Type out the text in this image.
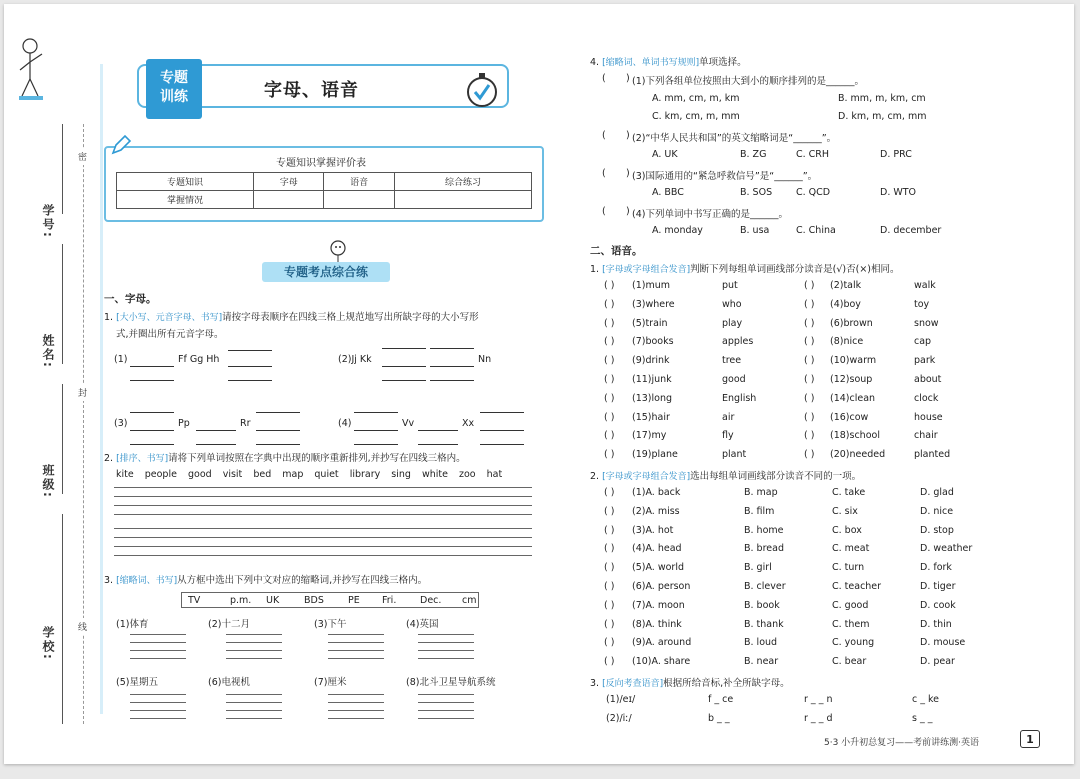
学号:
姓名:
班级:
学校:
密
封
线
专题
训练	字母、语音
专题知识掌握评价表
专题知识	字母	语音	综合练习
掌握情况			
专题考点综合练
一、字母。
1. [大小写、元音字母、书写]请按字母表顺序在四线三格上规范地写出所缺字母的大小写形
式,并圈出所有元音字母。
(1)	Ff Gg Hh	(2)Jj Kk	Nn
(3)	Pp	Rr	(4)	Vv	Xx
2. [排序、书写]请将下列单词按照在字典中出现的顺序重新排列,并抄写在四线三格内。
kite people good visit bed map quiet library sing white zoo hat
3. [缩略词、书写]从方框中选出下列中文对应的缩略词,并抄写在四线三格内。
TV	p.m. UK	BDS	PE Fri. Dec. cm
(1)体育	(2)十二月	(3)下午	(4)英国
(5)星期五	(6)电视机	(7)厘米	(8)北斗卫星导航系统
4. [缩略词、单词书写规则]单项选择。
( ) (1)下列各组单位按照由大到小的顺序排列的是______。
A. mm, cm, m, km	B. mm, m, km, cm
C. km, cm, m, mm	D. km, m, cm, mm
( ) (2)“中华人民共和国”的英文缩略词是“______”。
A. UK	B. ZG	C. CRH	D. PRC
( ) (3)国际通用的“紧急呼救信号”是“______”。
A. BBC	B. SOS	C. QCD	D. WTO
( ) (4)下列单词中书写正确的是______。
A. monday	B. usa	C. China	D. december
二、语音。
1. [字母或字母组合发音]判断下列每组单词画线部分读音是(√)否(×)相同。
( ) (1)mum	put	( ) (2)talk	walk
( ) (3)where	who	( ) (4)boy	toy
( ) (5)train	play	( ) (6)brown	snow
( ) (7)books	apples	( ) (8)nice	cap
( ) (9)drink	tree	( ) (10)warm	park
( ) (11)junk	good	( ) (12)soup	about
( ) (13)long	English	( ) (14)clean	clock
( ) (15)hair	air	( ) (16)cow	house
( ) (17)my	fly	( ) (18)school	chair
( ) (19)plane	plant	( ) (20)needed	planted
2. [字母或字母组合发音]选出每组单词画线部分读音不同的一项。
( ) (1)A. back	B. map	C. take	D. glad
( ) (2)A. miss	B. film	C. six	D. nice
( ) (3)A. hot	B. home	C. box	D. stop
( ) (4)A. head	B. bread	C. meat	D. weather
( ) (5)A. world	B. girl	C. turn	D. fork
( ) (6)A. person	B. clever	C. teacher	D. tiger
( ) (7)A. moon	B. book	C. good	D. cook
( ) (8)A. think	B. thank	C. them	D. thin
( ) (9)A. around	B. loud	C. young	D. mouse
( ) (10)A. share	B. near	C. bear	D. pear
3. [反向考查语音]根据所给音标,补全所缺字母。
(1)/eɪ/	f _ ce	r _ _ n	c _ ke
(2)/iː/	b _ _	r _ _ d	s _ _
5·3 小升初总复习——考前讲练测·英语	1
